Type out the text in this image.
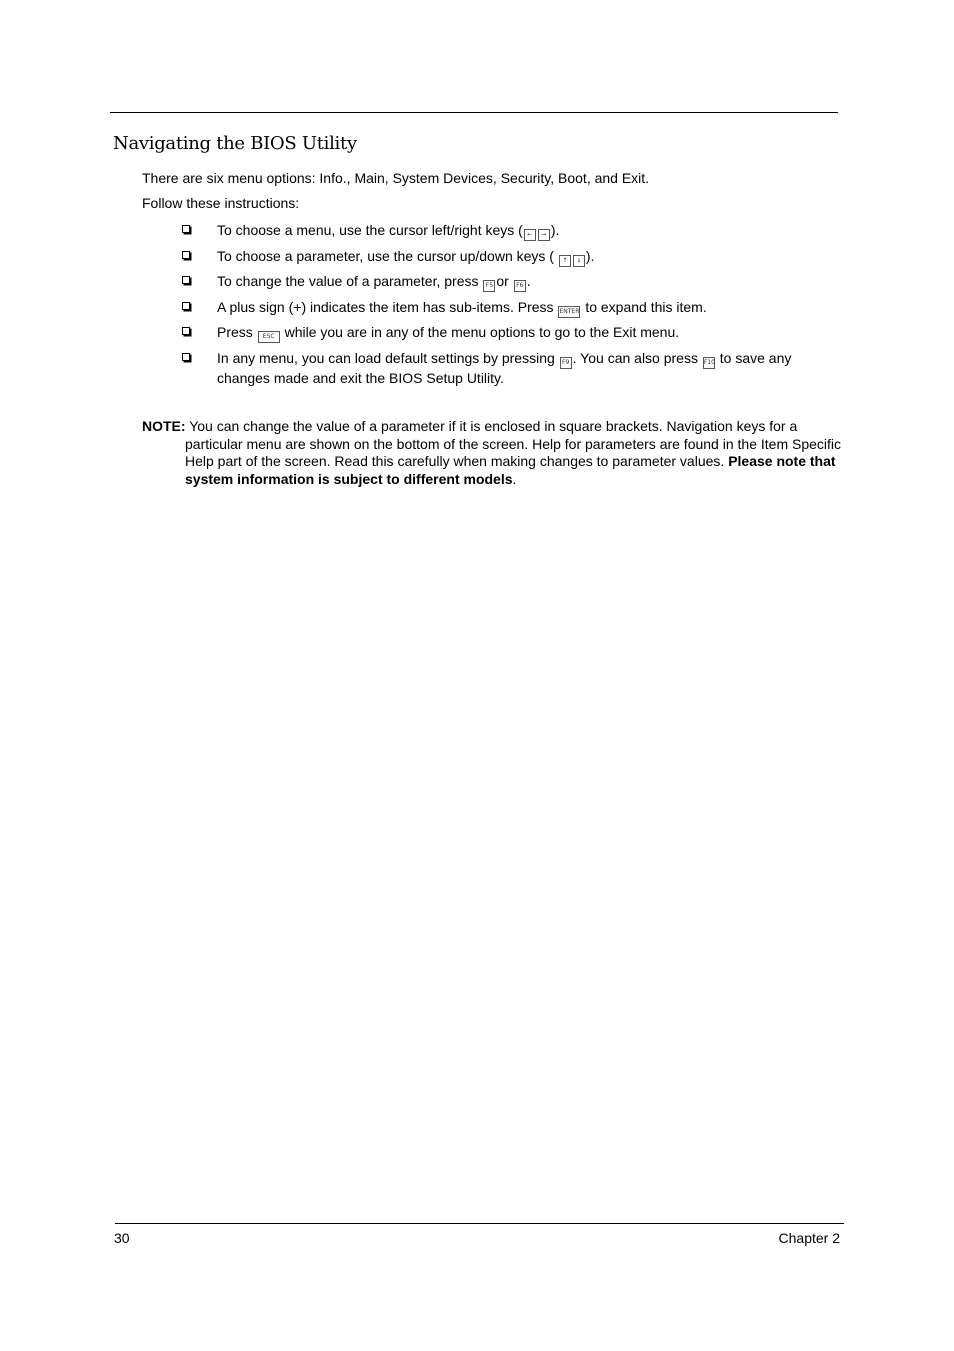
Navigating the BIOS Utility
There are six menu options: Info., Main, System Devices, Security, Boot, and Exit.
Follow these instructions:
To choose a menu, use the cursor left/right keys ( ← → ).
To choose a parameter, use the cursor up/down keys ( ↑ ↓ ).
To change the value of a parameter, press F5 or F6 .
A plus sign (+) indicates the item has sub-items. Press ENTER to expand this item.
Press ESC while you are in any of the menu options to go to the Exit menu.
In any menu, you can load default settings by pressing F9 . You can also press F10 to save any changes made and exit the BIOS Setup Utility.
NOTE: You can change the value of a parameter if it is enclosed in square brackets. Navigation keys for a particular menu are shown on the bottom of the screen. Help for parameters are found in the Item Specific Help part of the screen. Read this carefully when making changes to parameter values. Please note that system information is subject to different models.
30	Chapter 2
